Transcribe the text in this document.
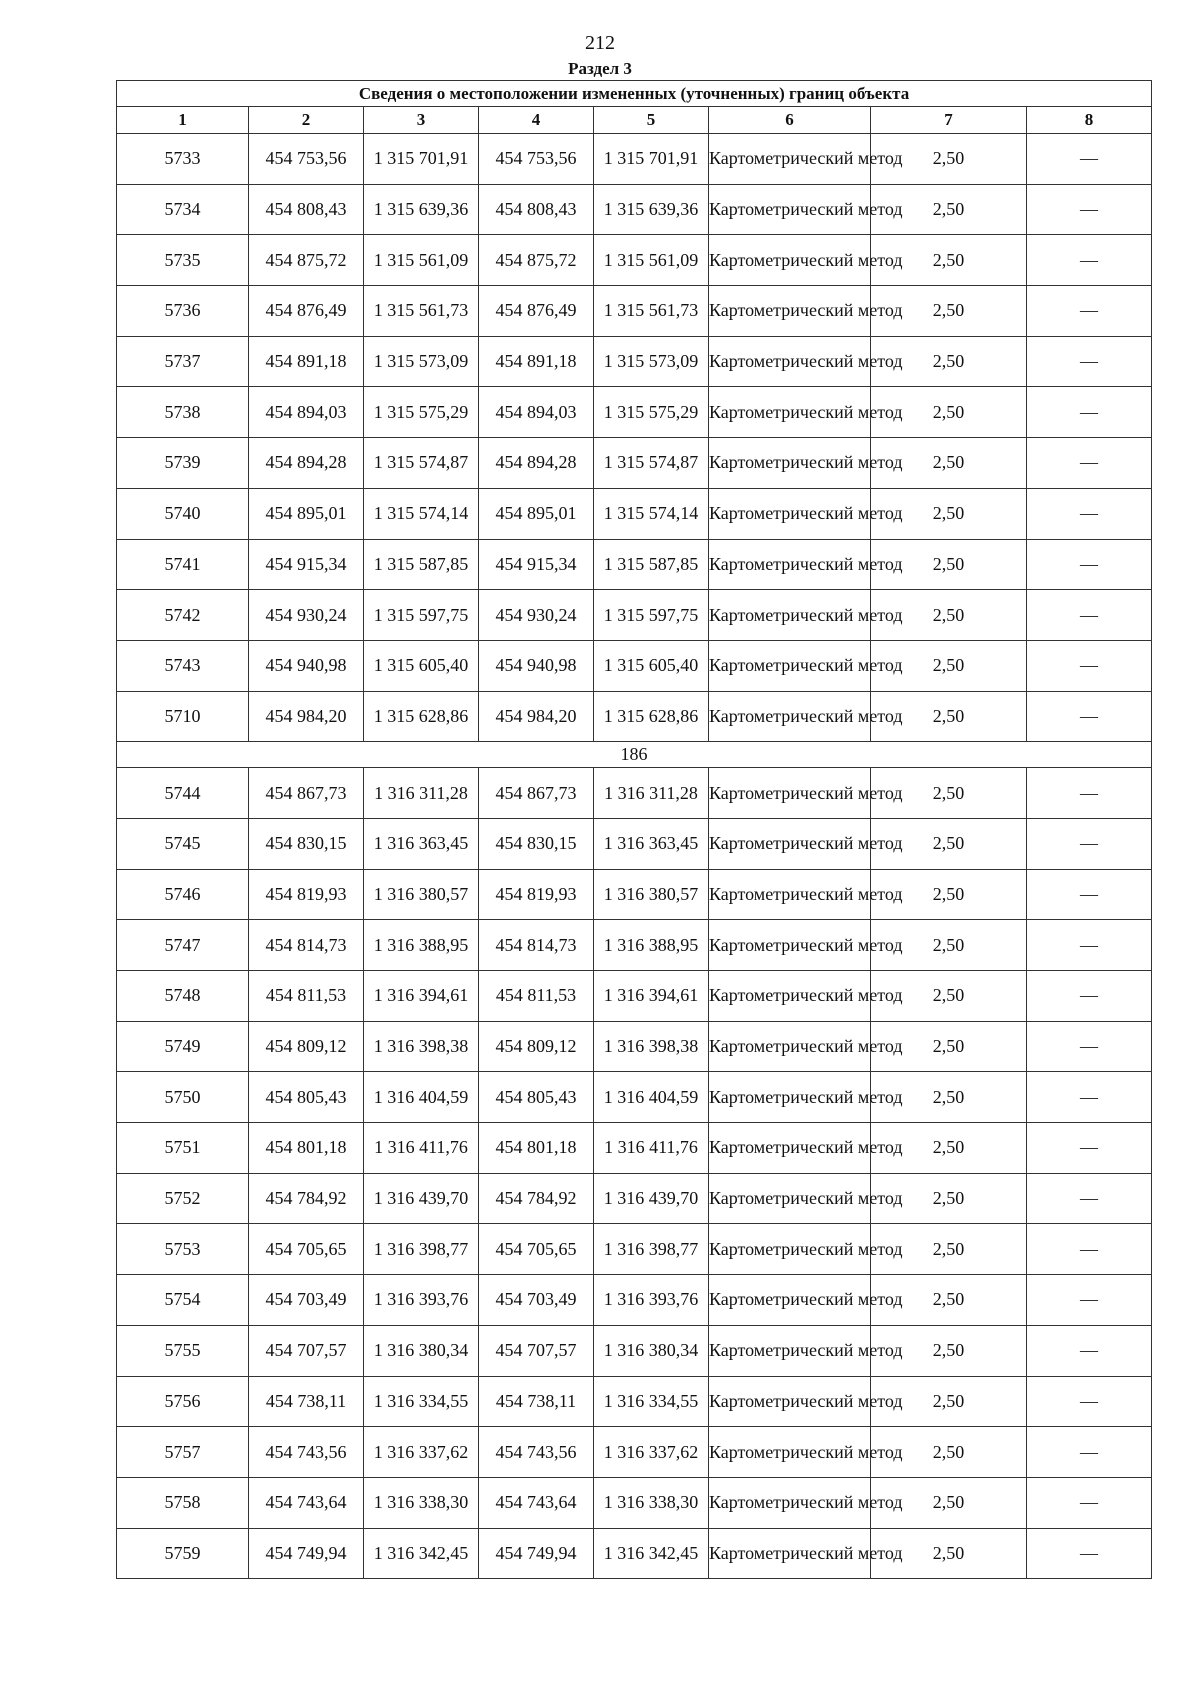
212
Раздел 3
Сведения о местоположении измененных (уточненных) границ объекта							
1	2	3	4	5	6	7	8
5733	454 753,56	1 315 701,91	454 753,56	1 315 701,91	Картометрический метод	2,50	—
5734	454 808,43	1 315 639,36	454 808,43	1 315 639,36	Картометрический метод	2,50	—
5735	454 875,72	1 315 561,09	454 875,72	1 315 561,09	Картометрический метод	2,50	—
5736	454 876,49	1 315 561,73	454 876,49	1 315 561,73	Картометрический метод	2,50	—
5737	454 891,18	1 315 573,09	454 891,18	1 315 573,09	Картометрический метод	2,50	—
5738	454 894,03	1 315 575,29	454 894,03	1 315 575,29	Картометрический метод	2,50	—
5739	454 894,28	1 315 574,87	454 894,28	1 315 574,87	Картометрический метод	2,50	—
5740	454 895,01	1 315 574,14	454 895,01	1 315 574,14	Картометрический метод	2,50	—
5741	454 915,34	1 315 587,85	454 915,34	1 315 587,85	Картометрический метод	2,50	—
5742	454 930,24	1 315 597,75	454 930,24	1 315 597,75	Картометрический метод	2,50	—
5743	454 940,98	1 315 605,40	454 940,98	1 315 605,40	Картометрический метод	2,50	—
5710	454 984,20	1 315 628,86	454 984,20	1 315 628,86	Картометрический метод	2,50	—
186							
5744	454 867,73	1 316 311,28	454 867,73	1 316 311,28	Картометрический метод	2,50	—
5745	454 830,15	1 316 363,45	454 830,15	1 316 363,45	Картометрический метод	2,50	—
5746	454 819,93	1 316 380,57	454 819,93	1 316 380,57	Картометрический метод	2,50	—
5747	454 814,73	1 316 388,95	454 814,73	1 316 388,95	Картометрический метод	2,50	—
5748	454 811,53	1 316 394,61	454 811,53	1 316 394,61	Картометрический метод	2,50	—
5749	454 809,12	1 316 398,38	454 809,12	1 316 398,38	Картометрический метод	2,50	—
5750	454 805,43	1 316 404,59	454 805,43	1 316 404,59	Картометрический метод	2,50	—
5751	454 801,18	1 316 411,76	454 801,18	1 316 411,76	Картометрический метод	2,50	—
5752	454 784,92	1 316 439,70	454 784,92	1 316 439,70	Картометрический метод	2,50	—
5753	454 705,65	1 316 398,77	454 705,65	1 316 398,77	Картометрический метод	2,50	—
5754	454 703,49	1 316 393,76	454 703,49	1 316 393,76	Картометрический метод	2,50	—
5755	454 707,57	1 316 380,34	454 707,57	1 316 380,34	Картометрический метод	2,50	—
5756	454 738,11	1 316 334,55	454 738,11	1 316 334,55	Картометрический метод	2,50	—
5757	454 743,56	1 316 337,62	454 743,56	1 316 337,62	Картометрический метод	2,50	—
5758	454 743,64	1 316 338,30	454 743,64	1 316 338,30	Картометрический метод	2,50	—
5759	454 749,94	1 316 342,45	454 749,94	1 316 342,45	Картометрический метод	2,50	—
